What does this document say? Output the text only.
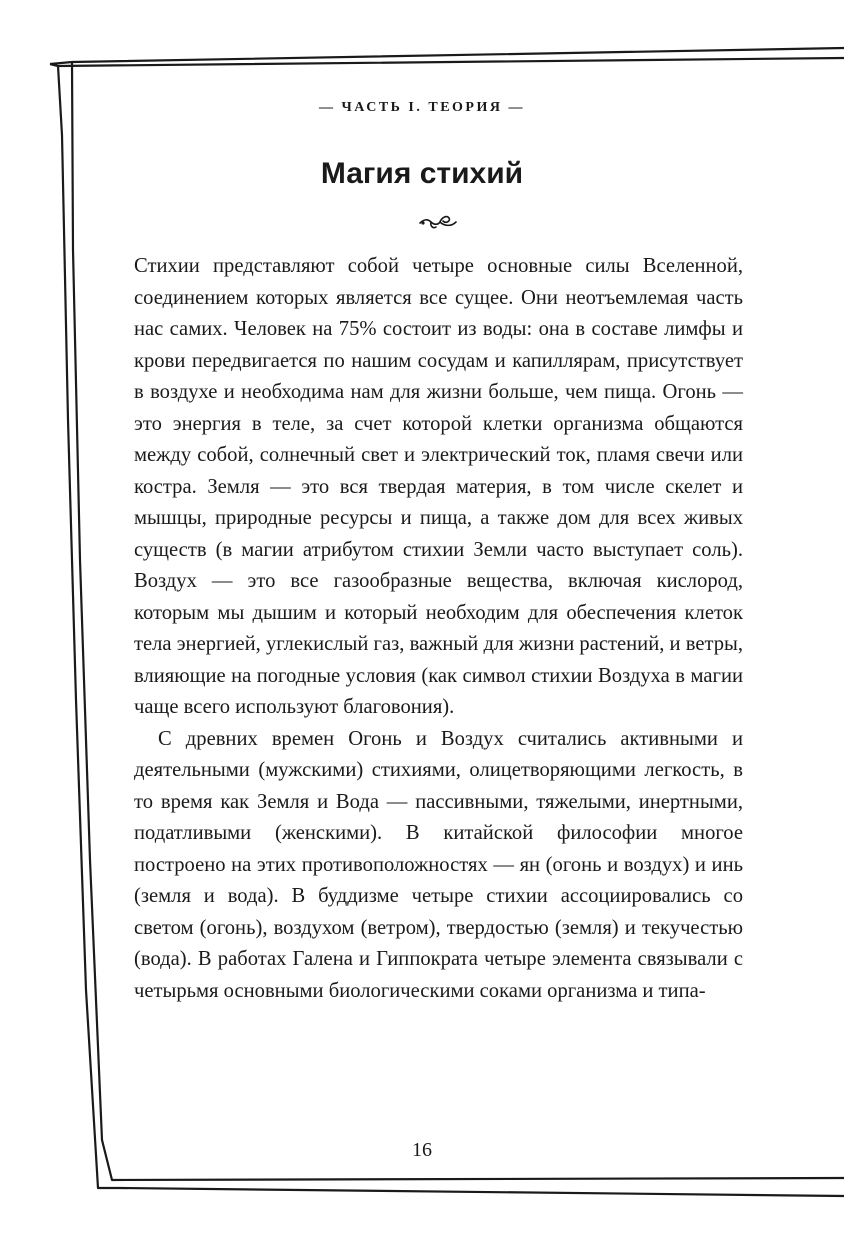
— ЧАСТЬ I. ТЕОРИЯ —
Магия стихий

Стихии представляют собой четыре основные силы Вселенной, соединением которых является все сущее. Они неотъемлемая часть нас самих. Человек на 75% состоит из воды: она в составе лимфы и крови передвигается по нашим сосудам и капиллярам, присутствует в воздухе и необходима нам для жизни больше, чем пища. Огонь — это энергия в теле, за счет которой клетки организма общаются между собой, солнечный свет и электрический ток, пламя свечи или костра. Земля — это вся твердая материя, в том числе скелет и мышцы, природные ресурсы и пища, а также дом для всех живых существ (в магии атрибутом стихии Земли часто выступает соль). Воздух — это все газообразные вещества, включая кислород, которым мы дышим и который необходим для обеспечения клеток тела энергией, углекислый газ, важный для жизни растений, и ветры, влияющие на погодные условия (как символ стихии Воздуха в магии чаще всего используют благовония).

С древних времен Огонь и Воздух считались активными и деятельными (мужскими) стихиями, олицетворяющими легкость, в то время как Земля и Вода — пассивными, тяжелыми, инертными, податливыми (женскими). В китайской философии многое построено на этих противоположностях — ян (огонь и воздух) и инь (земля и вода). В буддизме четыре стихии ассоциировались со светом (огонь), воздухом (ветром), твердостью (земля) и текучестью (вода). В работах Галена и Гиппократа четыре элемента связывали с четырьмя основными биологическими соками организма и типа-

16
